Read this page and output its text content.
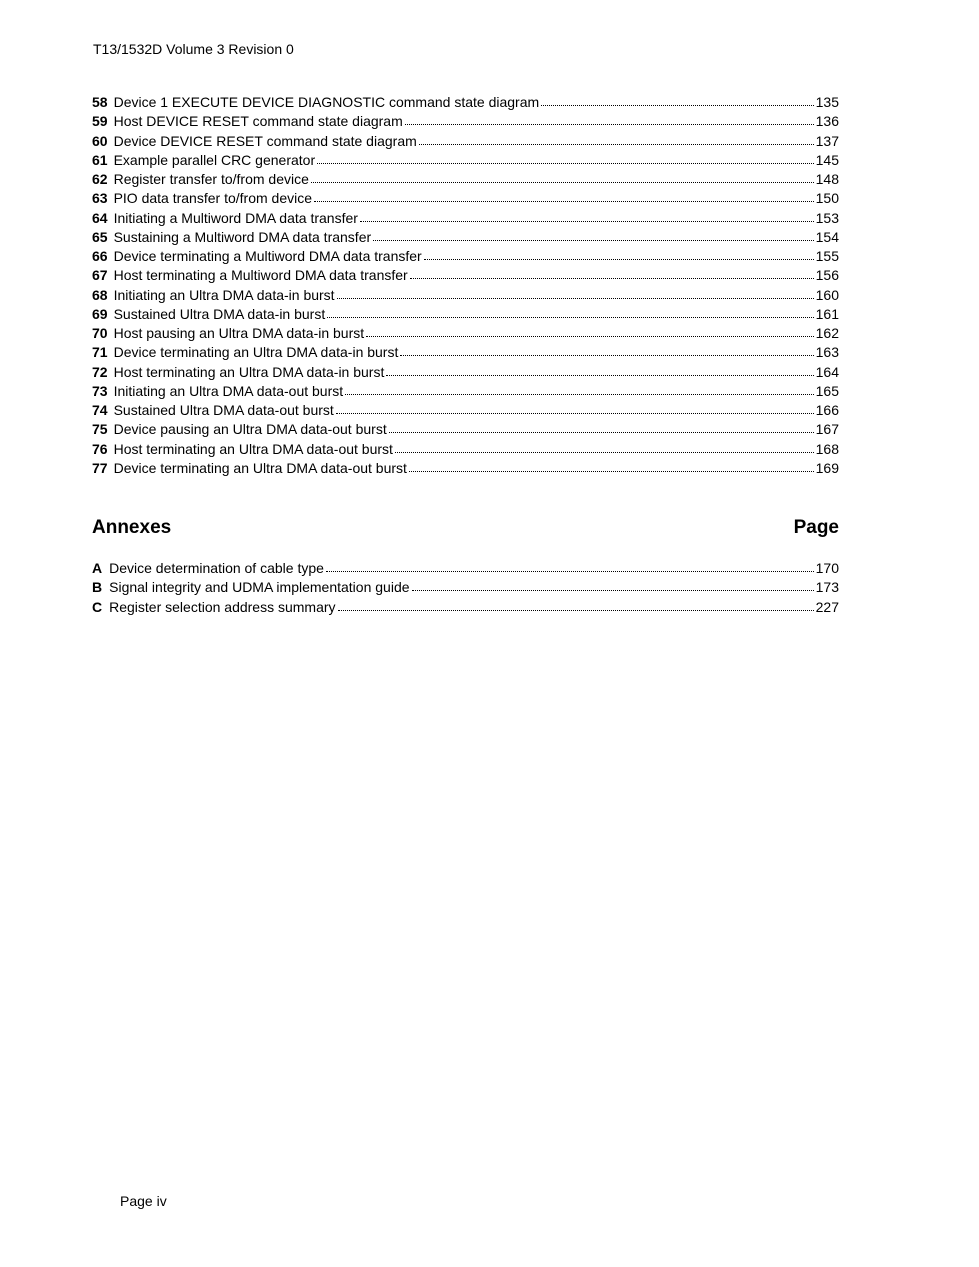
T13/1532D Volume 3 Revision 0
58 Device 1 EXECUTE DEVICE DIAGNOSTIC command state diagram	135
59 Host DEVICE RESET command state diagram	136
60 Device DEVICE RESET command state diagram	137
61 Example parallel CRC generator	145
62 Register transfer to/from device	148
63 PIO data transfer to/from device	150
64 Initiating a Multiword DMA data transfer	153
65 Sustaining a Multiword DMA data transfer	154
66 Device terminating a Multiword DMA data transfer	155
67 Host terminating a Multiword DMA data transfer	156
68 Initiating an Ultra DMA data-in burst	160
69 Sustained Ultra DMA data-in burst	161
70 Host pausing an Ultra DMA data-in burst	162
71 Device terminating an Ultra DMA data-in burst	163
72 Host terminating an Ultra DMA data-in burst	164
73 Initiating an Ultra DMA data-out burst	165
74 Sustained Ultra DMA data-out burst	166
75 Device pausing an Ultra DMA data-out burst	167
76 Host terminating an Ultra DMA data-out burst	168
77 Device terminating an Ultra DMA data-out burst	169
Annexes	Page
A Device determination of cable type	170
B Signal integrity and UDMA implementation guide	173
C Register selection address summary	227
Page iv
